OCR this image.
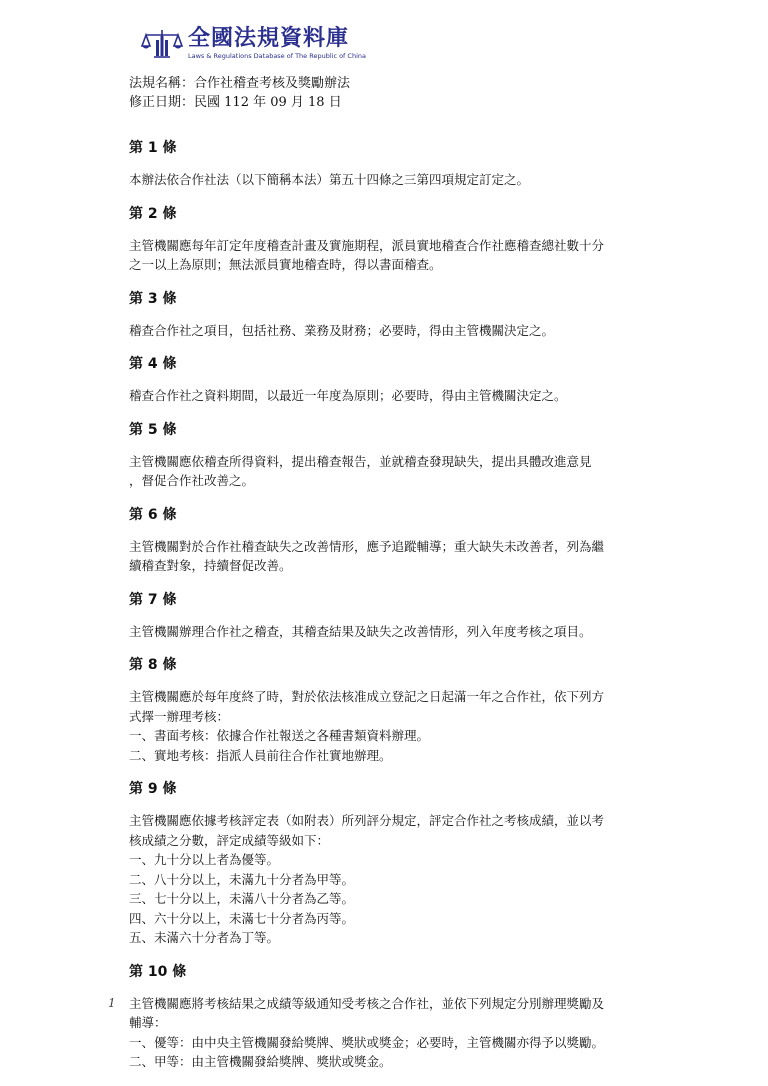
全國法規資料庫
Laws & Regulations Database of The Republic of China
法規名稱：合作社稽查考核及獎勵辦法
修正日期：民國 112 年 09 月 18 日
1
第 1 條
本辦法依合作社法（以下簡稱本法）第五十四條之三第四項規定訂定之。
第 2 條
主管機關應每年訂定年度稽查計畫及實施期程，派員實地稽查合作社應稽查總社數十分
之一以上為原則；無法派員實地稽查時，得以書面稽查。
第 3 條
稽查合作社之項目，包括社務、業務及財務；必要時，得由主管機關決定之。
第 4 條
稽查合作社之資料期間，以最近一年度為原則；必要時，得由主管機關決定之。
第 5 條
主管機關應依稽查所得資料，提出稽查報告，並就稽查發現缺失，提出具體改進意見
，督促合作社改善之。
第 6 條
主管機關對於合作社稽查缺失之改善情形，應予追蹤輔導；重大缺失未改善者，列為繼
續稽查對象，持續督促改善。
第 7 條
主管機關辦理合作社之稽查，其稽查結果及缺失之改善情形，列入年度考核之項目。
第 8 條
主管機關應於每年度終了時，對於依法核准成立登記之日起滿一年之合作社，依下列方
式擇一辦理考核：
一、書面考核：依據合作社報送之各種書類資料辦理。
二、實地考核：指派人員前往合作社實地辦理。
第 9 條
主管機關應依據考核評定表（如附表）所列評分規定，評定合作社之考核成績，並以考
核成績之分數，評定成績等級如下：
一、九十分以上者為優等。
二、八十分以上，未滿九十分者為甲等。
三、七十分以上，未滿八十分者為乙等。
四、六十分以上，未滿七十分者為丙等。
五、未滿六十分者為丁等。
第 10 條
主管機關應將考核結果之成績等級通知受考核之合作社，並依下列規定分別辦理獎勵及
輔導：
一、優等：由中央主管機關發給獎牌、獎狀或獎金；必要時，主管機關亦得予以獎勵。
二、甲等：由主管機關發給獎牌、獎狀或獎金。
